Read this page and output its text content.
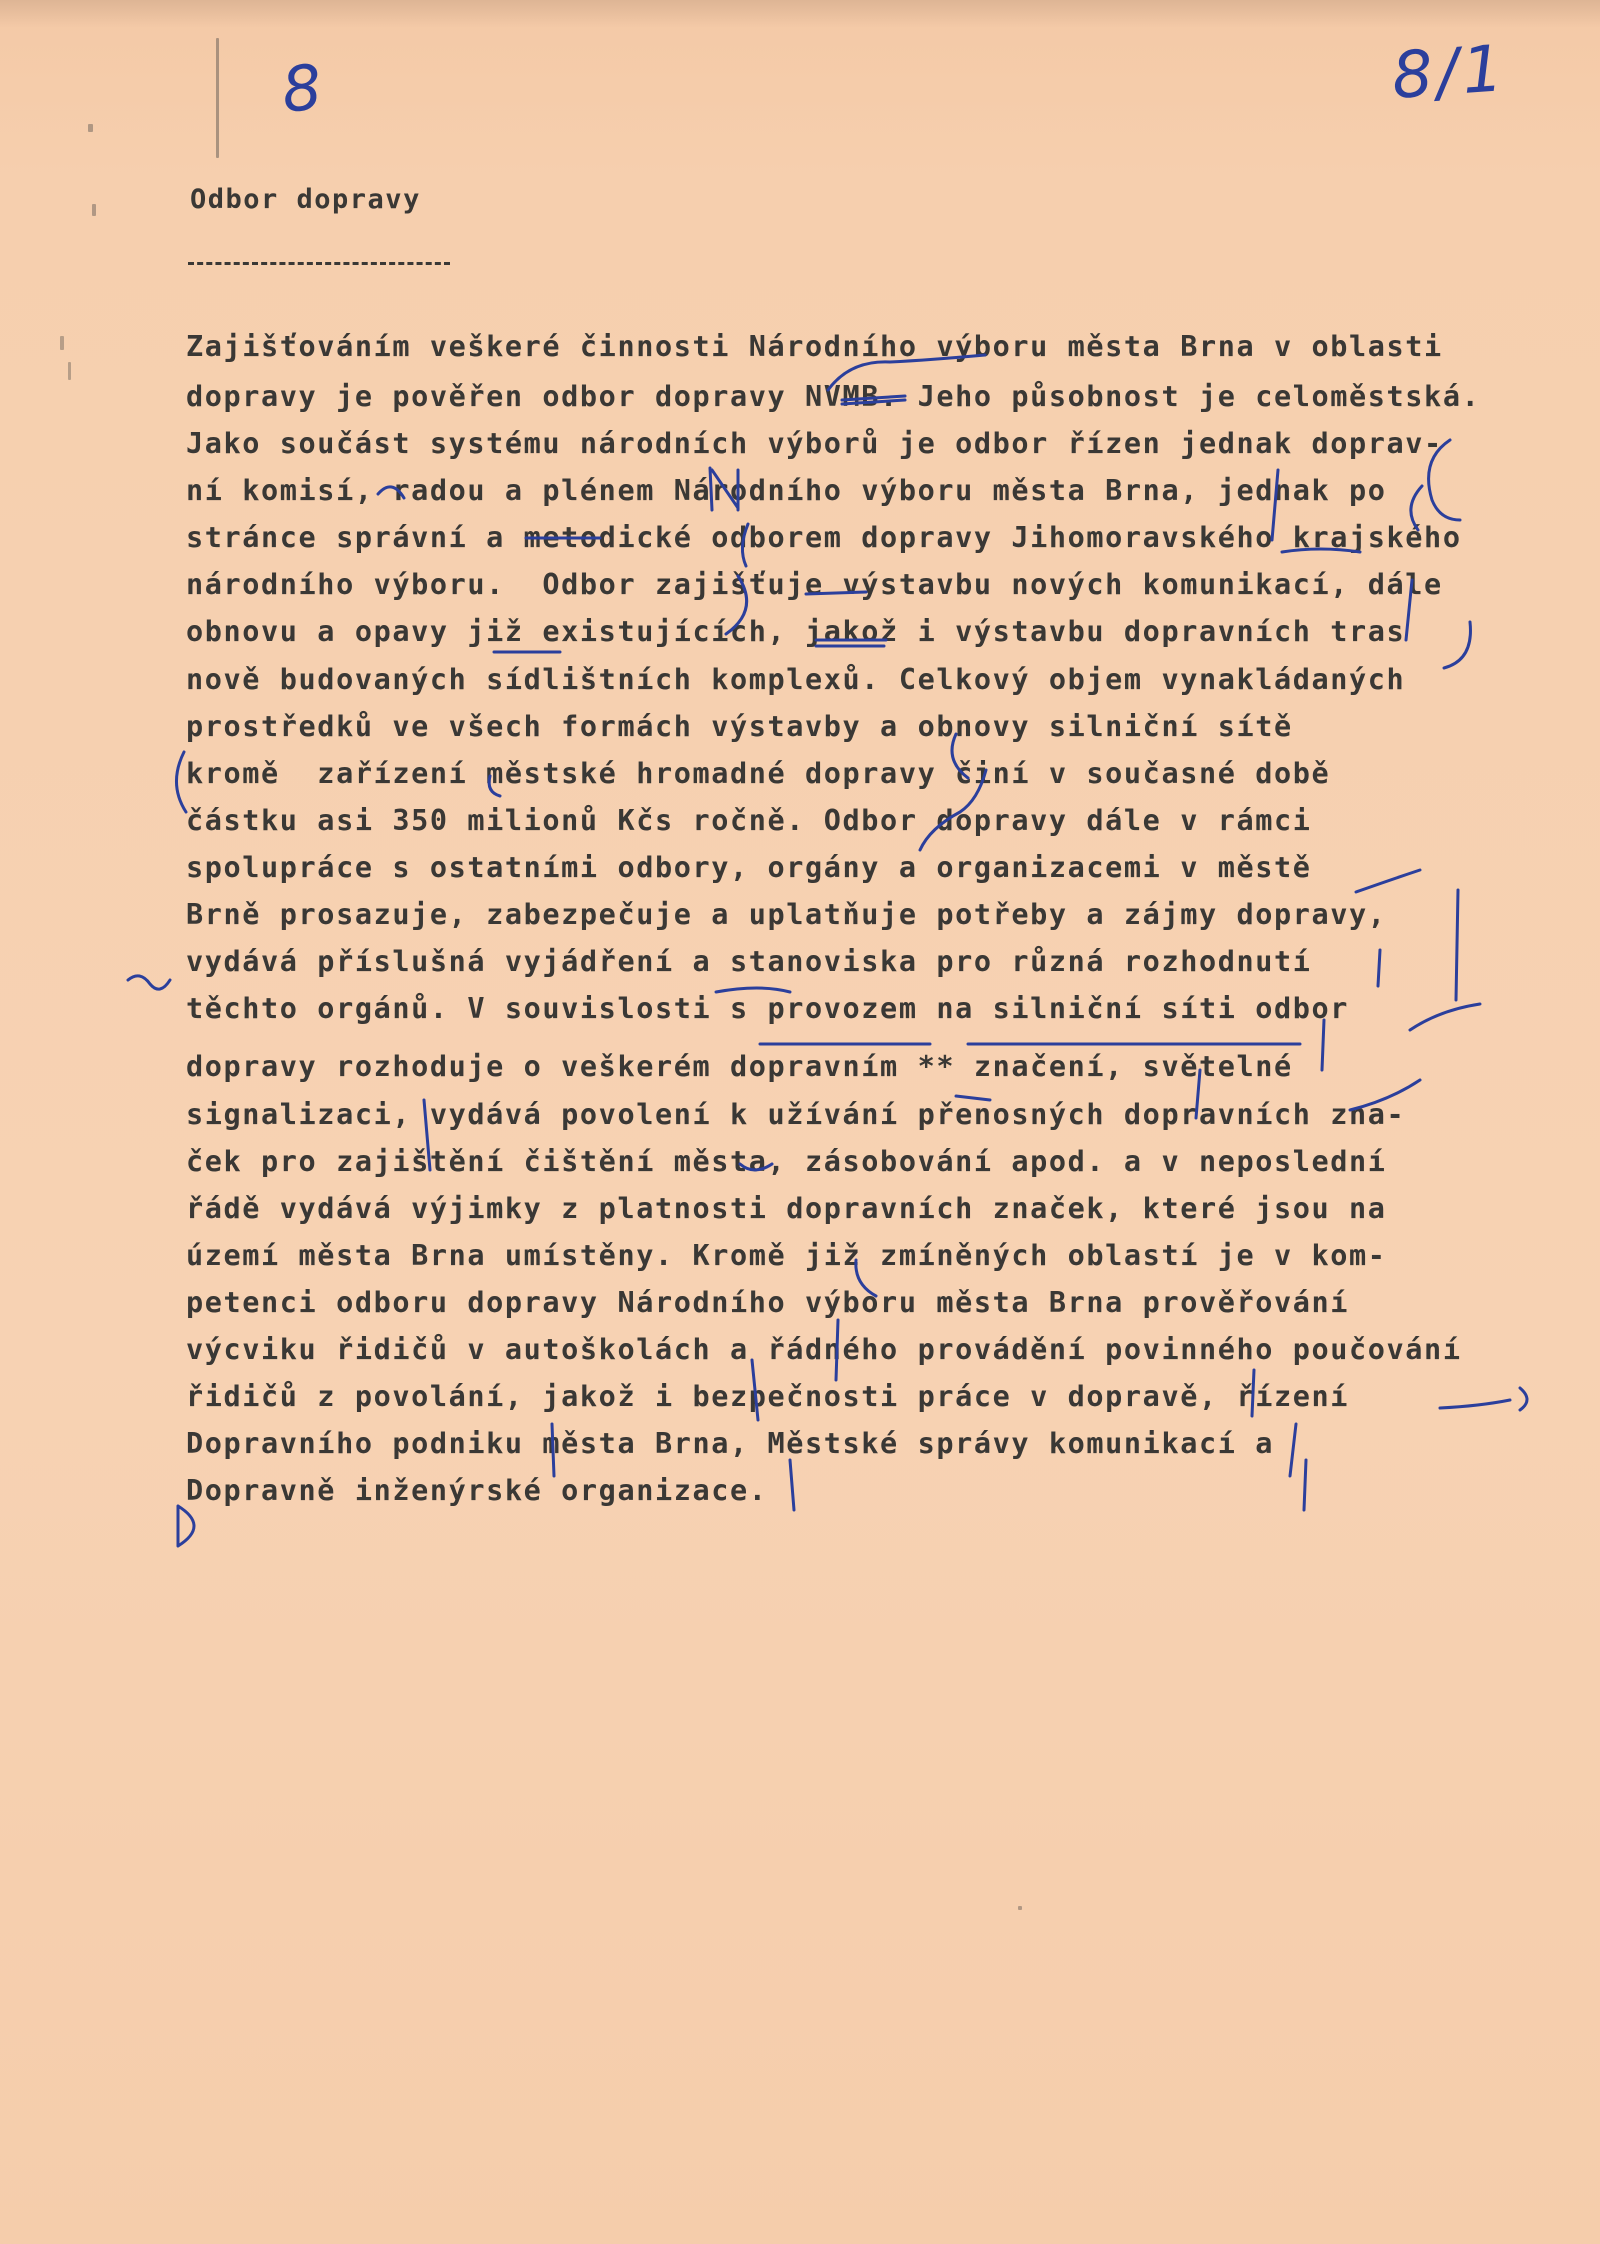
8	8/1
Odbor dopravy

Zajišťováním veškeré činnosti Národního výboru města Brna v oblasti

dopravy je pověřen odbor dopravy NVMB. Jeho působnost je celoměstská.

Jako součást systému národních výborů je odbor řízen jednak doprav-

ní komisí, radou a plénem Národního výboru města Brna, jednak po

stránce správní a metodické odborem dopravy Jihomoravského krajského

národního výboru.  Odbor zajišťuje výstavbu nových komunikací, dále

obnovu a opavy již existujících, jakož i výstavbu dopravních tras

nově budovaných sídlištních komplexů. Celkový objem vynakládaných

prostředků ve všech formách výstavby a obnovy silniční sítě

kromě  zařízení městské hromadné dopravy činí v současné době

částku asi 350 milionů Kčs ročně. Odbor dopravy dále v rámci

spolupráce s ostatními odbory, orgány a organizacemi v městě

Brně prosazuje, zabezpečuje a uplatňuje potřeby a zájmy dopravy,

vydává příslušná vyjádření a stanoviska pro různá rozhodnutí

těchto orgánů. V souvislosti s provozem na silniční síti odbor

dopravy rozhoduje o veškerém dopravním ** značení, světelné

signalizaci, vydává povolení k užívání přenosných dopravních zna-

ček pro zajištění čištění města, zásobování apod. a v neposlední

řádě vydává výjimky z platnosti dopravních značek, které jsou na

území města Brna umístěny. Kromě již zmíněných oblastí je v kom-

petenci odboru dopravy Národního výboru města Brna prověřování

výcviku řidičů v autoškolách a řádného provádění povinného poučování

řidičů z povolání, jakož i bezpečnosti práce v dopravě, řízení

Dopravního podniku města Brna, Městské správy komunikací a

Dopravně inženýrské organizace.
